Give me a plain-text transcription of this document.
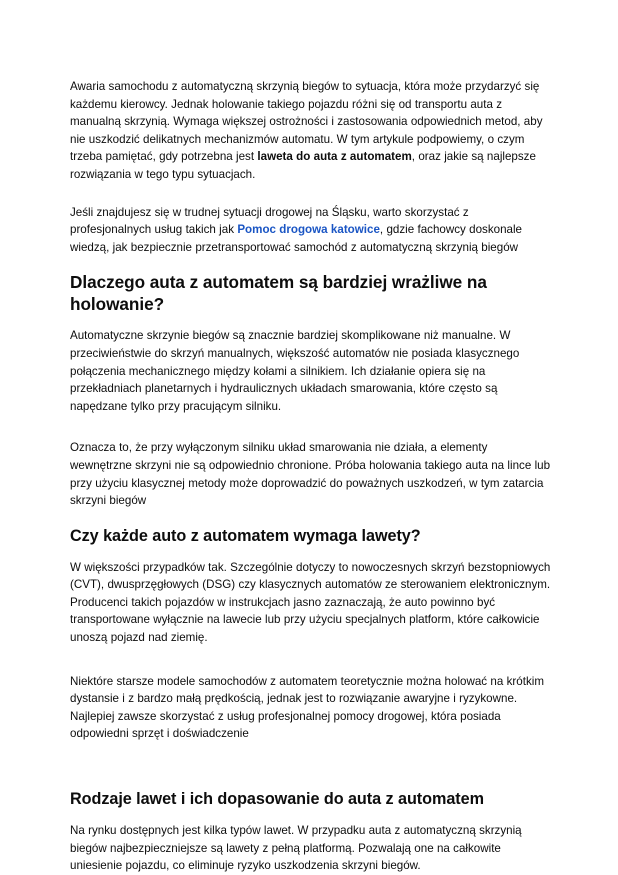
Awaria samochodu z automatyczną skrzynią biegów to sytuacja, która może przydarzyć się każdemu kierowcy. Jednak holowanie takiego pojazdu różni się od transportu auta z manualną skrzynią. Wymaga większej ostrożności i zastosowania odpowiednich metod, aby nie uszkodzić delikatnych mechanizmów automatu. W tym artykule podpowiemy, o czym trzeba pamiętać, gdy potrzebna jest laweta do auta z automatem, oraz jakie są najlepsze rozwiązania w tego typu sytuacjach.

Jeśli znajdujesz się w trudnej sytuacji drogowej na Śląsku, warto skorzystać z profesjonalnych usług takich jak Pomoc drogowa katowice, gdzie fachowcy doskonale wiedzą, jak bezpiecznie przetransportować samochód z automatyczną skrzynią biegów

Dlaczego auta z automatem są bardziej wrażliwe na holowanie?

Automatyczne skrzynie biegów są znacznie bardziej skomplikowane niż manualne. W przeciwieństwie do skrzyń manualnych, większość automatów nie posiada klasycznego połączenia mechanicznego między kołami a silnikiem. Ich działanie opiera się na przekładniach planetarnych i hydraulicznych układach smarowania, które często są napędzane tylko przy pracującym silniku.

Oznacza to, że przy wyłączonym silniku układ smarowania nie działa, a elementy wewnętrzne skrzyni nie są odpowiednio chronione. Próba holowania takiego auta na lince lub przy użyciu klasycznej metody może doprowadzić do poważnych uszkodzeń, w tym zatarcia skrzyni biegów

Czy każde auto z automatem wymaga lawety?

W większości przypadków tak. Szczególnie dotyczy to nowoczesnych skrzyń bezstopniowych (CVT), dwusprzęgłowych (DSG) czy klasycznych automatów ze sterowaniem elektronicznym. Producenci takich pojazdów w instrukcjach jasno zaznaczają, że auto powinno być transportowane wyłącznie na lawecie lub przy użyciu specjalnych platform, które całkowicie unoszą pojazd nad ziemię.

Niektóre starsze modele samochodów z automatem teoretycznie można holować na krótkim dystansie i z bardzo małą prędkością, jednak jest to rozwiązanie awaryjne i ryzykowne. Najlepiej zawsze skorzystać z usług profesjonalnej pomocy drogowej, która posiada odpowiedni sprzęt i doświadczenie

Rodzaje lawet i ich dopasowanie do auta z automatem

Na rynku dostępnych jest kilka typów lawet. W przypadku auta z automatyczną skrzynią biegów najbezpieczniejsze są lawety z pełną platformą. Pozwalają one na całkowite uniesienie pojazdu, co eliminuje ryzyko uszkodzenia skrzyni biegów.
